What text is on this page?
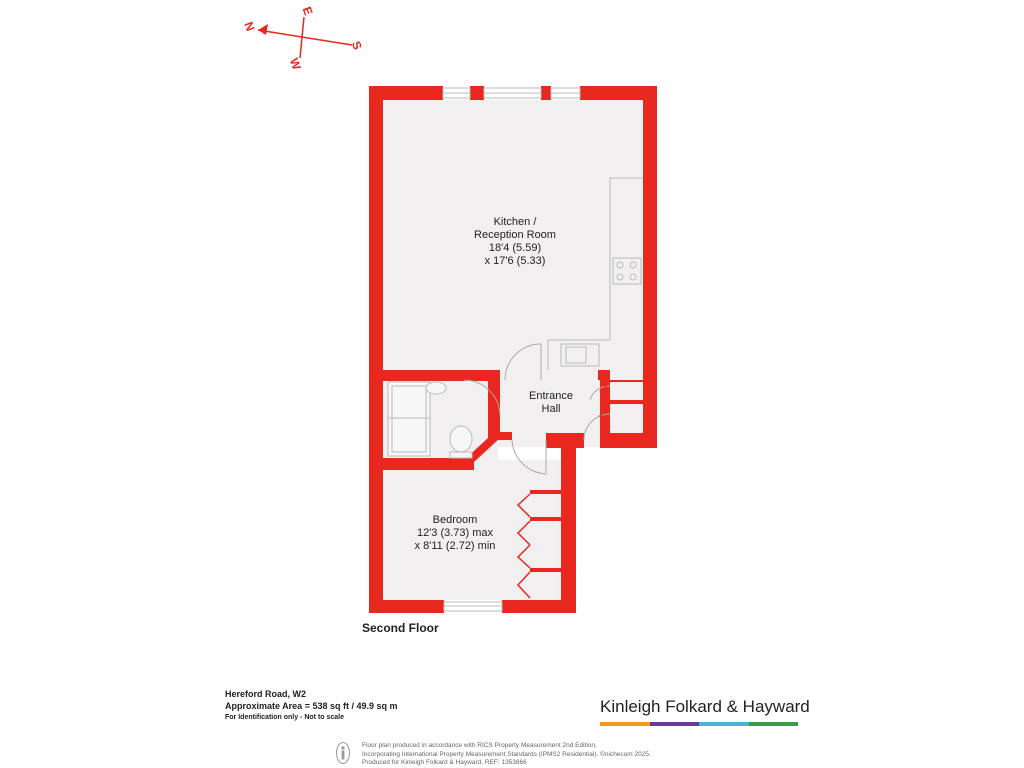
N
E
S
W
Kitchen /
Reception Room
18'4 (5.59)
x 17'6 (5.33)
Entrance
Hall
Bedroom
12'3 (3.73) max
x 8'11 (2.72) min
Second Floor
Hereford Road, W2
Approximate Area = 538 sq ft / 49.9 sq m
For Identification only - Not to scale
Kinleigh Folkard & Hayward
Floor plan produced in accordance with RICS Property Measurement 2nd Edition,
Incorporating International Property Measurement Standards (IPMS2 Residential). ©nichecom 2025.
Produced for Kinleigh Folkard & Hayward. REF: 1353866
